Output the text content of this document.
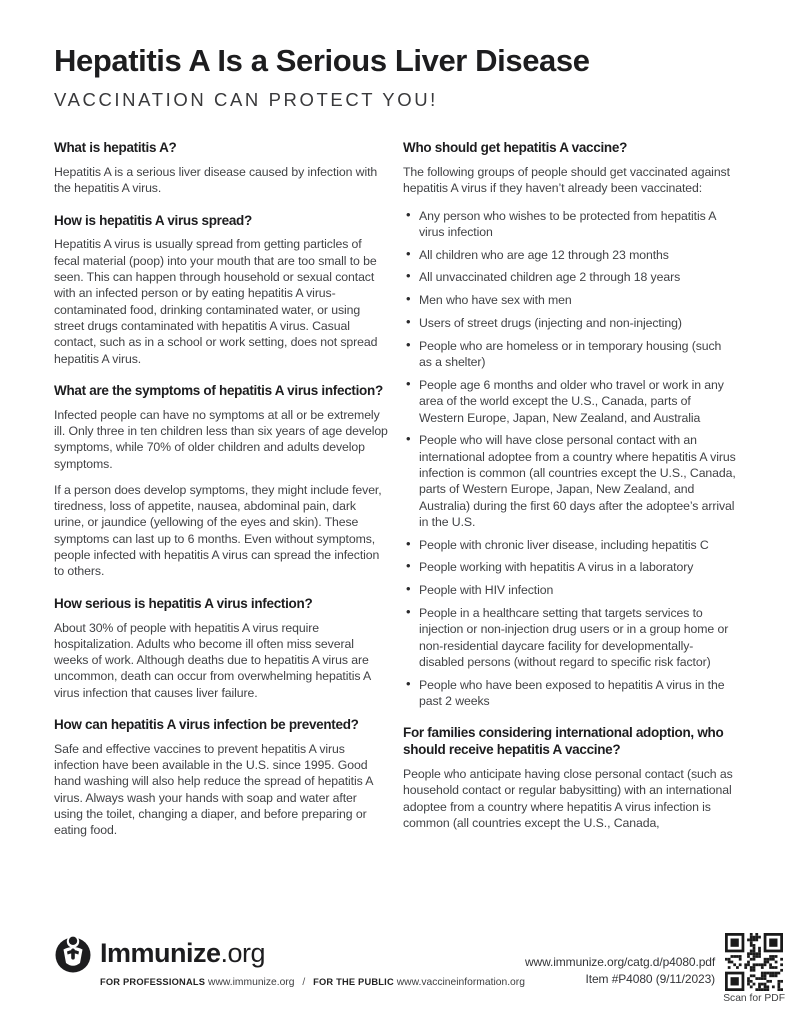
Hepatitis A Is a Serious Liver Disease
VACCINATION CAN PROTECT YOU!
What is hepatitis A?

Hepatitis A is a serious liver disease caused by infection with the hepatitis A virus.

How is hepatitis A virus spread?

Hepatitis A virus is usually spread from getting particles of fecal material (poop) into your mouth that are too small to be seen. This can happen through household or sexual contact with an infected person or by eating hepatitis A virus-contaminated food, drinking contaminated water, or using street drugs contaminated with hepatitis A virus. Casual contact, such as in a school or work setting, does not spread hepatitis A virus.

What are the symptoms of hepatitis A virus infection?

Infected people can have no symptoms at all or be extremely ill. Only three in ten children less than six years of age develop symptoms, while 70% of older children and adults develop symptoms.

If a person does develop symptoms, they might include fever, tiredness, loss of appetite, nausea, abdominal pain, dark urine, or jaundice (yellowing of the eyes and skin). These symptoms can last up to 6 months. Even without symptoms, people infected with hepatitis A virus can spread the infection to others.

How serious is hepatitis A virus infection?

About 30% of people with hepatitis A virus require hospitalization. Adults who become ill often miss several weeks of work. Although deaths due to hepatitis A virus are uncommon, death can occur from overwhelming hepatitis A virus infection that causes liver failure.

How can hepatitis A virus infection be prevented?

Safe and effective vaccines to prevent hepatitis A virus infection have been available in the U.S. since 1995. Good hand washing will also help reduce the spread of hepatitis A virus. Always wash your hands with soap and water after using the toilet, changing a diaper, and before preparing or eating food.

Who should get hepatitis A vaccine?

The following groups of people should get vaccinated against hepatitis A virus if they haven’t already been vaccinated:

• Any person who wishes to be protected from hepatitis A virus infection
• All children who are age 12 through 23 months
• All unvaccinated children age 2 through 18 years
• Men who have sex with men
• Users of street drugs (injecting and non-injecting)
• People who are homeless or in temporary housing (such as a shelter)
• People age 6 months and older who travel or work in any area of the world except the U.S., Canada, parts of Western Europe, Japan, New Zealand, and Australia
• People who will have close personal contact with an international adoptee from a country where hepatitis A virus infection is common (all countries except the U.S., Canada, parts of Western Europe, Japan, New Zealand, and Australia) during the first 60 days after the adoptee’s arrival in the U.S.
• People with chronic liver disease, including hepatitis C
• People working with hepatitis A virus in a laboratory
• People with HIV infection
• People in a healthcare setting that targets services to injection or non-injection drug users or in a group home or non-residential daycare facility for developmentally-disabled persons (without regard to specific risk factor)
• People who have been exposed to hepatitis A virus in the past 2 weeks
For families considering international adoption, who should receive hepatitis A vaccine?

People who anticipate having close personal contact (such as household contact or regular babysitting) with an international adoptee from a country where hepatitis A virus infection is common (all countries except the U.S., Canada,

Immunize.org
FOR PROFESSIONALS www.immunize.org / FOR THE PUBLIC www.vaccineinformation.org
www.immunize.org/catg.d/p4080.pdf
Item #P4080 (9/11/2023)
Scan for PDF
